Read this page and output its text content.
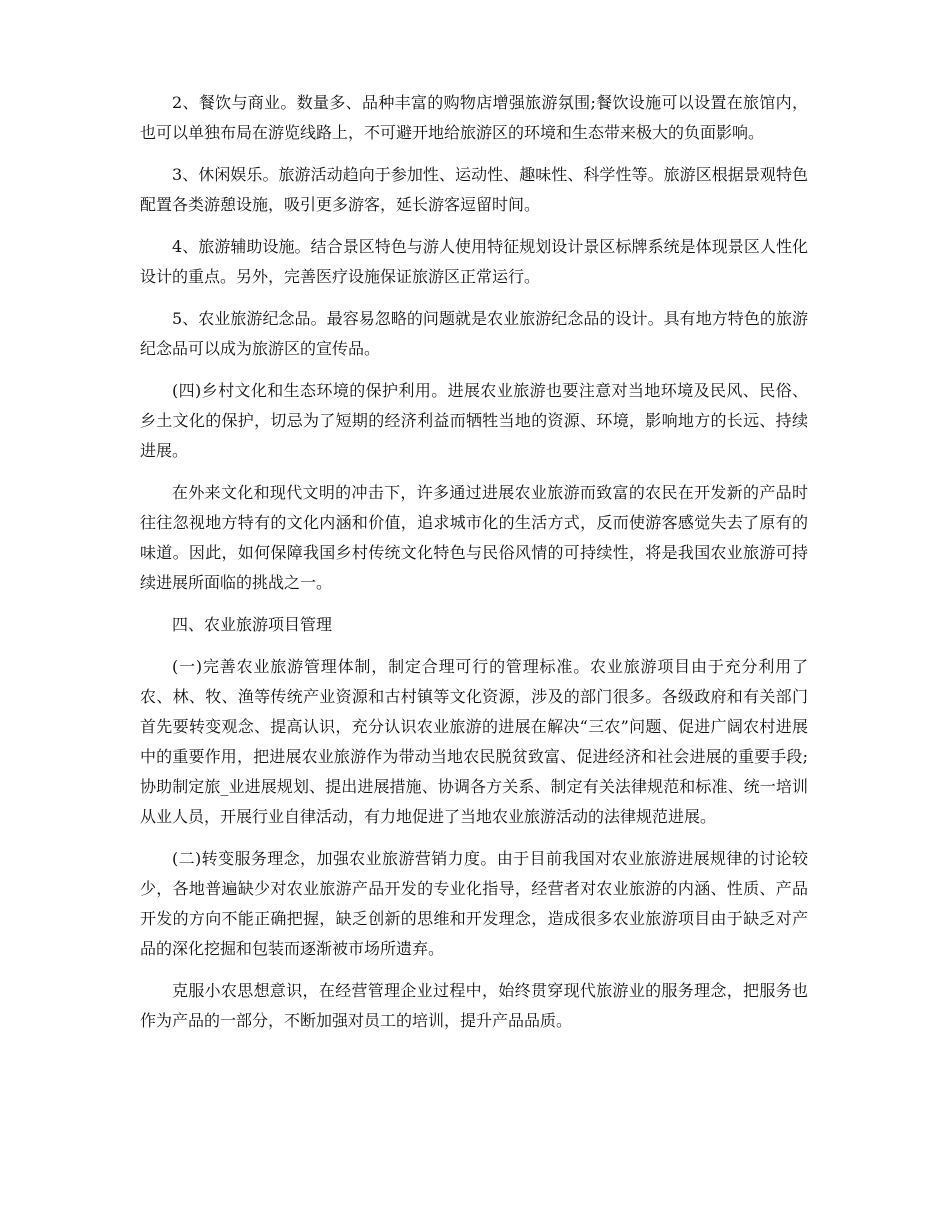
2、餐饮与商业。数量多、品种丰富的购物店增强旅游氛围;餐饮设施可以设置在旅馆内，也可以单独布局在游览线路上，不可避开地给旅游区的环境和生态带来极大的负面影响。

3、休闲娱乐。旅游活动趋向于参加性、运动性、趣味性、科学性等。旅游区根据景观特色配置各类游憩设施，吸引更多游客，延长游客逗留时间。

4、旅游辅助设施。结合景区特色与游人使用特征规划设计景区标牌系统是体现景区人性化设计的重点。另外，完善医疗设施保证旅游区正常运行。

5、农业旅游纪念品。最容易忽略的问题就是农业旅游纪念品的设计。具有地方特色的旅游纪念品可以成为旅游区的宣传品。

(四)乡村文化和生态环境的保护利用。进展农业旅游也要注意对当地环境及民风、民俗、乡土文化的保护，切忌为了短期的经济利益而牺牲当地的资源、环境，影响地方的长远、持续进展。

在外来文化和现代文明的冲击下，许多通过进展农业旅游而致富的农民在开发新的产品时往往忽视地方特有的文化内涵和价值，追求城市化的生活方式，反而使游客感觉失去了原有的味道。因此，如何保障我国乡村传统文化特色与民俗风情的可持续性，将是我国农业旅游可持续进展所面临的挑战之一。

四、农业旅游项目管理

(一)完善农业旅游管理体制，制定合理可行的管理标准。农业旅游项目由于充分利用了农、林、牧、渔等传统产业资源和古村镇等文化资源，涉及的部门很多。各级政府和有关部门首先要转变观念、提高认识，充分认识农业旅游的进展在解决“三农”问题、促进广阔农村进展中的重要作用，把进展农业旅游作为带动当地农民脱贫致富、促进经济和社会进展的重要手段;协助制定旅_业进展规划、提出进展措施、协调各方关系、制定有关法律规范和标准、统一培训从业人员，开展行业自律活动，有力地促进了当地农业旅游活动的法律规范进展。

(二)转变服务理念，加强农业旅游营销力度。由于目前我国对农业旅游进展规律的讨论较少，各地普遍缺少对农业旅游产品开发的专业化指导，经营者对农业旅游的内涵、性质、产品开发的方向不能正确把握，缺乏创新的思维和开发理念，造成很多农业旅游项目由于缺乏对产品的深化挖掘和包装而逐渐被市场所遗弃。

克服小农思想意识，在经营管理企业过程中，始终贯穿现代旅游业的服务理念，把服务也作为产品的一部分，不断加强对员工的培训，提升产品品质。
